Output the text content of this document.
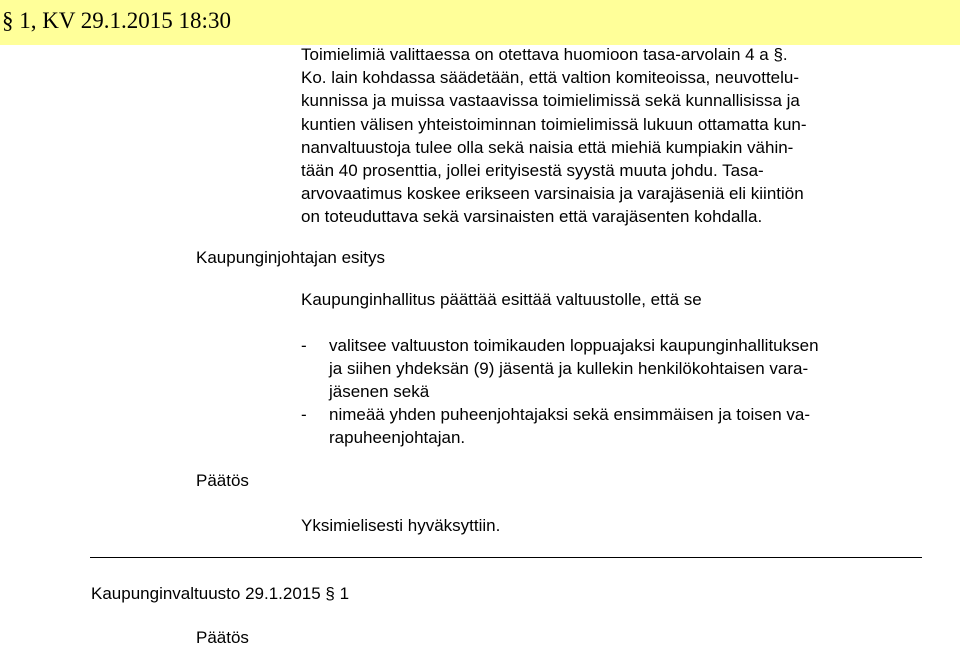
§ 1, KV 29.1.2015 18:30
Toimielimiä valittaessa on otettava huomioon tasa-arvolain 4 a §.
Ko. lain kohdassa säädetään, että valtion komiteoissa, neuvottelu-
kunnissa ja muissa vastaavissa toimielimissä sekä kunnallisissa ja
kuntien välisen yhteistoiminnan toimielimissä lukuun ottamatta kun-
nanvaltuustoja tulee olla sekä naisia että miehiä kumpiakin vähin-
tään 40 prosenttia, jollei erityisestä syystä muuta johdu. Tasa-
arvovaatimus koskee erikseen varsinaisia ja varajäseniä eli kiintiön
on toteuduttava sekä varsinaisten että varajäsenten kohdalla.
Kaupunginjohtajan esitys
Kaupunginhallitus päättää esittää valtuustolle, että se
-	valitsee valtuuston toimikauden loppuajaksi kaupunginhallituksen
ja siihen yhdeksän (9) jäsentä ja kullekin henkilökohtaisen vara-
jäsenen sekä
-	nimeää yhden puheenjohtajaksi sekä ensimmäisen ja toisen va-
rapuheenjohtajan.
Päätös
Yksimielisesti hyväksyttiin.
Kaupunginvaltuusto 29.1.2015 § 1
Päätös
